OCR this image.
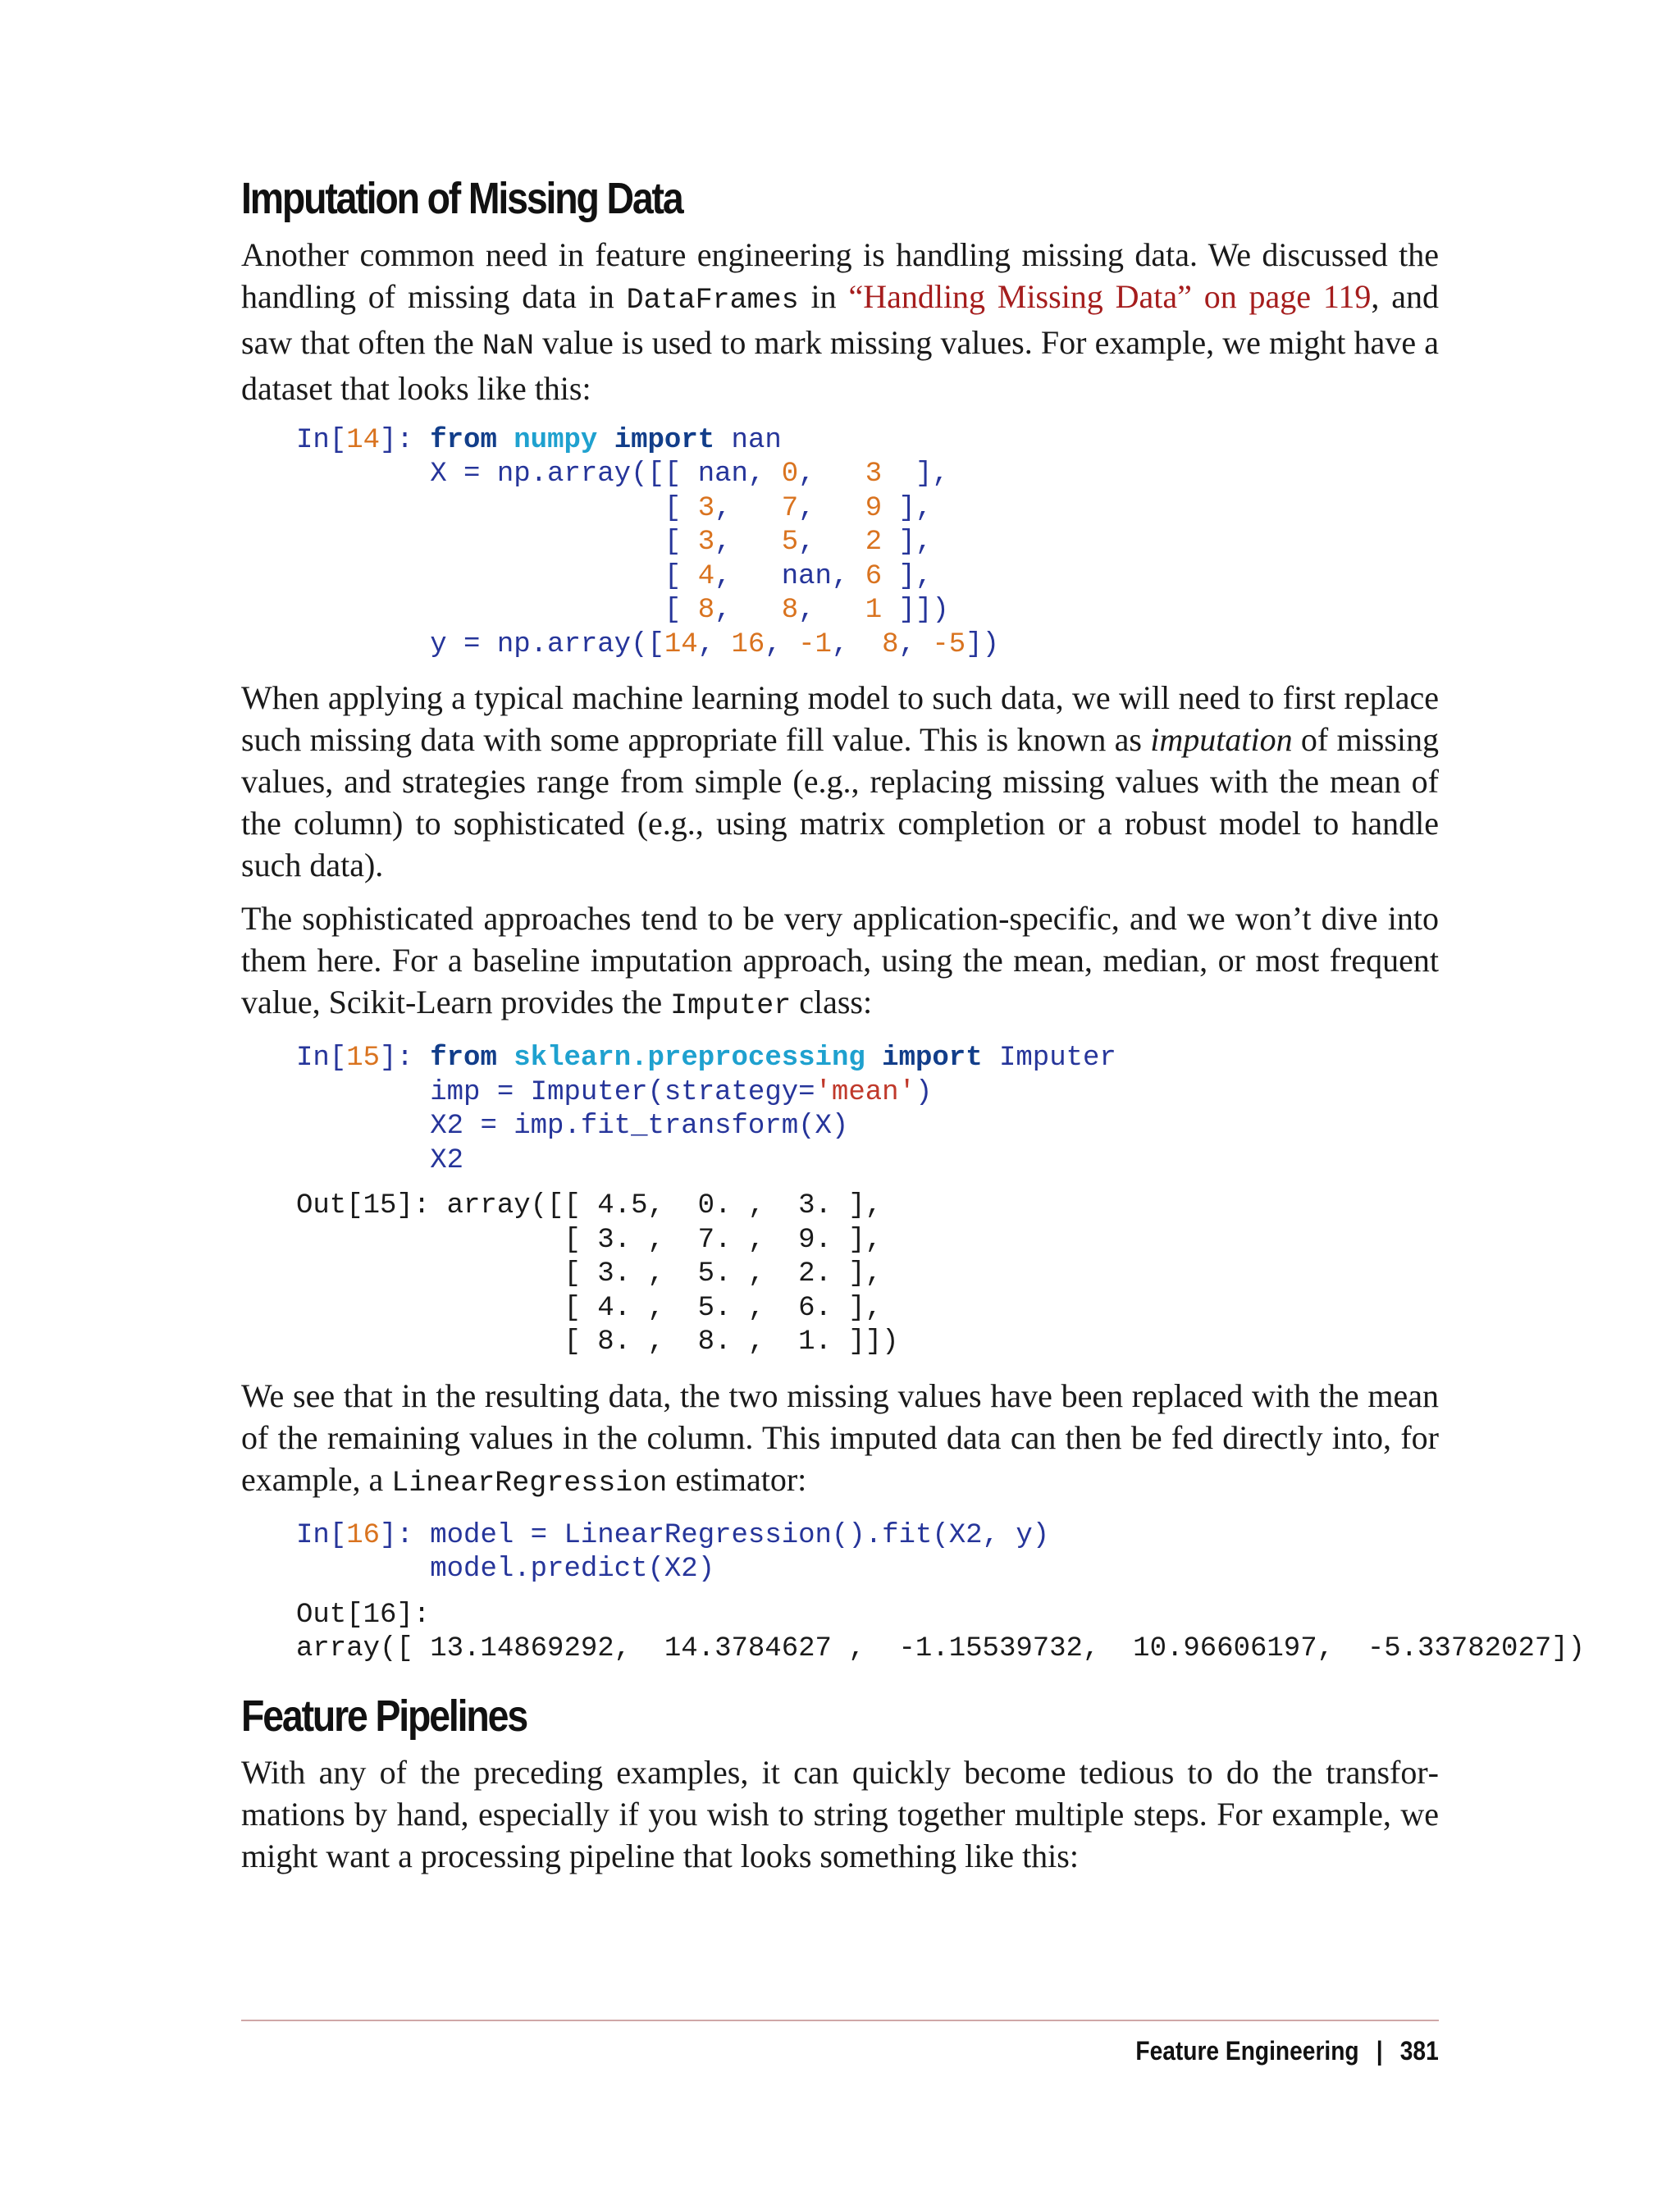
Imputation of Missing Data

Another common need in feature engineering is handling missing data. We discussed the handling of missing data in DataFrames in “Handling Missing Data” on page 119, and saw that often the NaN value is used to mark missing values. For example, we might have a dataset that looks like this:

In[14]: from numpy import nan
X = np.array([[ nan, 0,   3  ],
[ 3,   7,   9 ],
[ 3,   5,   2 ],
[ 4,   nan, 6 ],
[ 8,   8,   1 ]])
y = np.array([14, 16, -1,  8, -5])

When applying a typical machine learning model to such data, we will need to first replace such missing data with some appropriate fill value. This is known as imputation of missing values, and strategies range from simple (e.g., replacing missing values with the mean of the column) to sophisticated (e.g., using matrix completion or a robust model to handle such data).

The sophisticated approaches tend to be very application-specific, and we won’t dive into them here. For a baseline imputation approach, using the mean, median, or most frequent value, Scikit-Learn provides the Imputer class:

In[15]: from sklearn.preprocessing import Imputer
imp = Imputer(strategy='mean')
X2 = imp.fit_transform(X)
X2
Out[15]: array([[ 4.5,  0. ,  3. ],
[ 3. ,  7. ,  9. ],
[ 3. ,  5. ,  2. ],
[ 4. ,  5. ,  6. ],
[ 8. ,  8. ,  1. ]])

We see that in the resulting data, the two missing values have been replaced with the mean of the remaining values in the column. This imputed data can then be fed directly into, for example, a LinearRegression estimator:

In[16]: model = LinearRegression().fit(X2, y)
model.predict(X2)
Out[16]:
array([ 13.14869292,  14.3784627 ,  -1.15539732,  10.96606197,  -5.33782027])
Feature Pipelines

With any of the preceding examples, it can quickly become tedious to do the transformations by hand, especially if you wish to string together multiple steps. For example, we might want a processing pipeline that looks something like this:

Feature Engineering | 381
